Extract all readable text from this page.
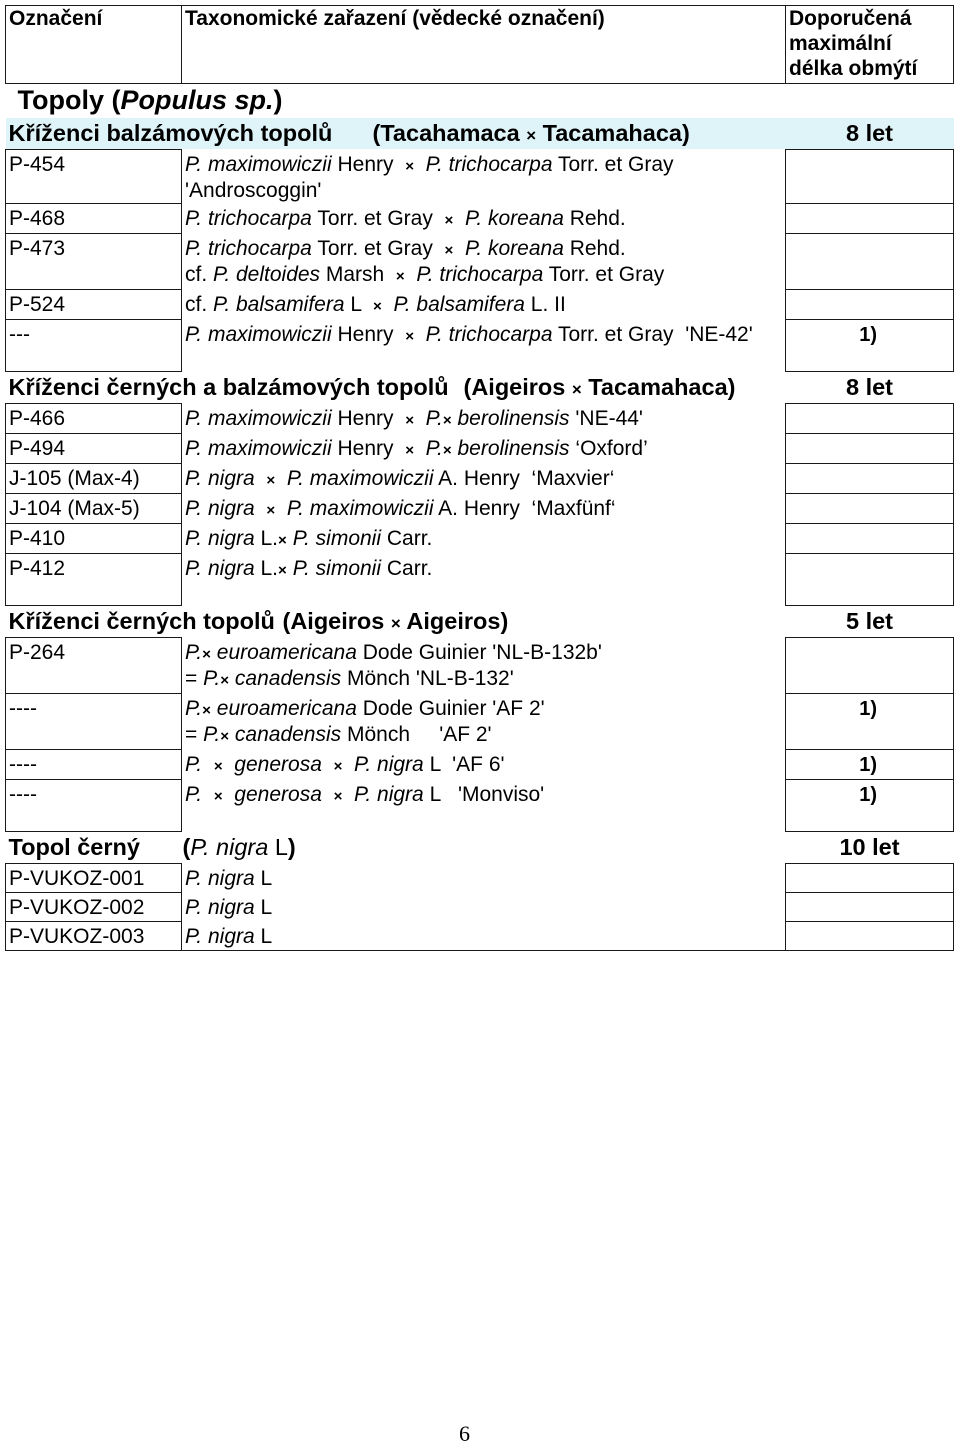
Označení	Taxonomické zařazení (vědecké označení)	Doporučená
maximální
délka obmýtí

Topoly (Populus sp.)		
Kříženci balzámových topolů (Tacahamaca × Tacamahaca)		8 let
P-454	P. maximowiczii Henry  ×  P. trichocarpa Torr. et Gray
'Androscoggin'	

P-468	P. trichocarpa Torr. et Gray  ×  P. koreana Rehd.	

P-473	P. trichocarpa Torr. et Gray  ×  P. koreana Rehd.
cf. P. deltoides Marsh  ×  P. trichocarpa Torr. et Gray	

P-524	cf. P. balsamifera L  ×  P. balsamifera L. II	

---	P. maximowiczii Henry  ×  P. trichocarpa Torr. et Gray  'NE-42'	1)
Kříženci černých a balzámových topolů (Aigeiros × Tacamahaca)		8 let
P-466	P. maximowiczii Henry  ×  P.× berolinensis 'NE-44'	

P-494	P. maximowiczii Henry  ×  P.× berolinensis ‘Oxford’	

J-105 (Max-4)	P. nigra ×  P. maximowiczii A. Henry  ‘Maxvier‘	

J-104 (Max-5)	P. nigra ×  P. maximowiczii A. Henry  ‘Maxfünf‘	

P-410	P. nigra L.× P. simonii Carr.	

P-412	P. nigra L.× P. simonii Carr.	

Kříženci černých topolů (Aigeiros × Aigeiros)		5 let
P-264	P.× euroamericana Dode Guinier 'NL-B-132b'
= P.× canadensis Mönch 'NL-B-132'	

----	P.× euroamericana Dode Guinier 'AF 2'
= P.× canadensis Mönch     'AF 2'	1)
----	P.  ×  generosa ×  P. nigra L  'AF 6'	1)
----	P.  ×  generosa ×  P. nigra L   'Monviso'	1)
Topol černý (P. nigra L)		10 let
P-VUKOZ-001	P. nigra L	

P-VUKOZ-002	P. nigra L	

P-VUKOZ-003	P. nigra L	

6
